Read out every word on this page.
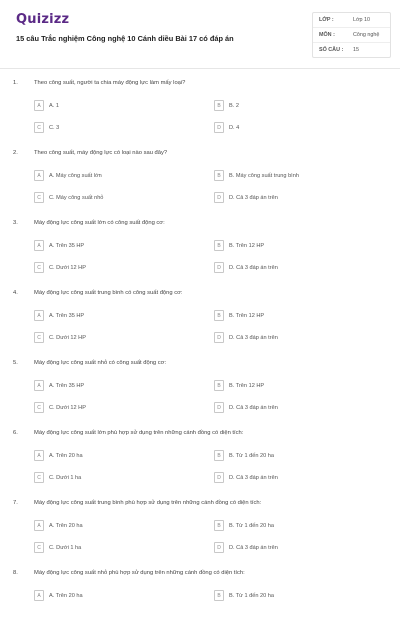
Quizizz
15 câu Trắc nghiệm Công nghệ 10 Cánh diều Bài 17 có đáp án
LỚP :	Lớp 10
MÔN :	Công nghệ
SỐ CÂU :	15
1.	Theo công suất, người ta chia máy động lực làm mấy loại?
A	A. 1	B	B. 2
C	C. 3	D	D. 4
2.	Theo công suất, máy động lực có loại nào sau đây?
A	A. Máy công suất lớn	B	B. Máy công suất trung bình
C	C. Máy công suất nhỏ	D	D. Cả 3 đáp án trên
3.	Máy động lực công suất lớn có công suất động cơ:
A	A. Trên 35 HP	B	B. Trên 12 HP
C	C. Dưới 12 HP	D	D. Cả 3 đáp án trên
4.	Máy động lực công suất trung bình có công suất động cơ:
A	A. Trên 35 HP	B	B. Trên 12 HP
C	C. Dưới 12 HP	D	D. Cả 3 đáp án trên
5.	Máy động lực công suất nhỏ có công suất động cơ:
A	A. Trên 35 HP	B	B. Trên 12 HP
C	C. Dưới 12 HP	D	D. Cả 3 đáp án trên
6.	Máy động lực công suất lớn phù hợp sử dụng trên những cánh đồng có diện tích:
A	A. Trên 20 ha	B	B. Từ 1 đến 20 ha
C	C. Dưới 1 ha	D	D. Cả 3 đáp án trên
7.	Máy động lực công suất trung bình phù hợp sử dụng trên những cánh đồng có diện tích:
A	A. Trên 20 ha	B	B. Từ 1 đến 20 ha
C	C. Dưới 1 ha	D	D. Cả 3 đáp án trên
8.	Máy động lực công suất nhỏ phù hợp sử dụng trên những cánh đồng có diện tích:
A	A. Trên 20 ha	B	B. Từ 1 đến 20 ha
